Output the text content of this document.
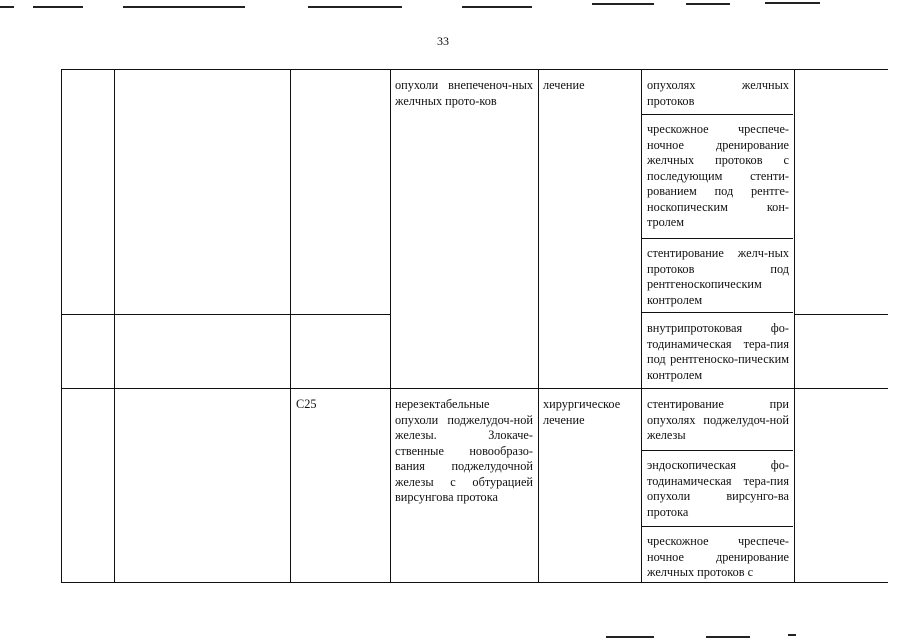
33
опухоли внепеченоч-ных желчных прото-ков
лечение	опухолях желчных протоков
чрескожное чреспече-ночное дренирование желчных протоков с последующим стенти-рованием под рентге-носкопическим кон-тролем
стентирование желч-ных протоков под рентгеноскопическим контролем
внутрипротоковая фо-тодинамическая тера-пия под рентгеноско-пическим контролем
C25	нерезектабельные опухоли поджелудоч-ной железы. Злокаче-ственные новообразо-вания поджелудочной железы с обтурацией вирсунгова протока
хирургическое лечение
стентирование при опухолях поджелудоч-ной железы
эндоскопическая фо-тодинамическая тера-пия опухоли вирсунго-ва протока
чрескожное чреспече-ночное дренирование желчных протоков с
